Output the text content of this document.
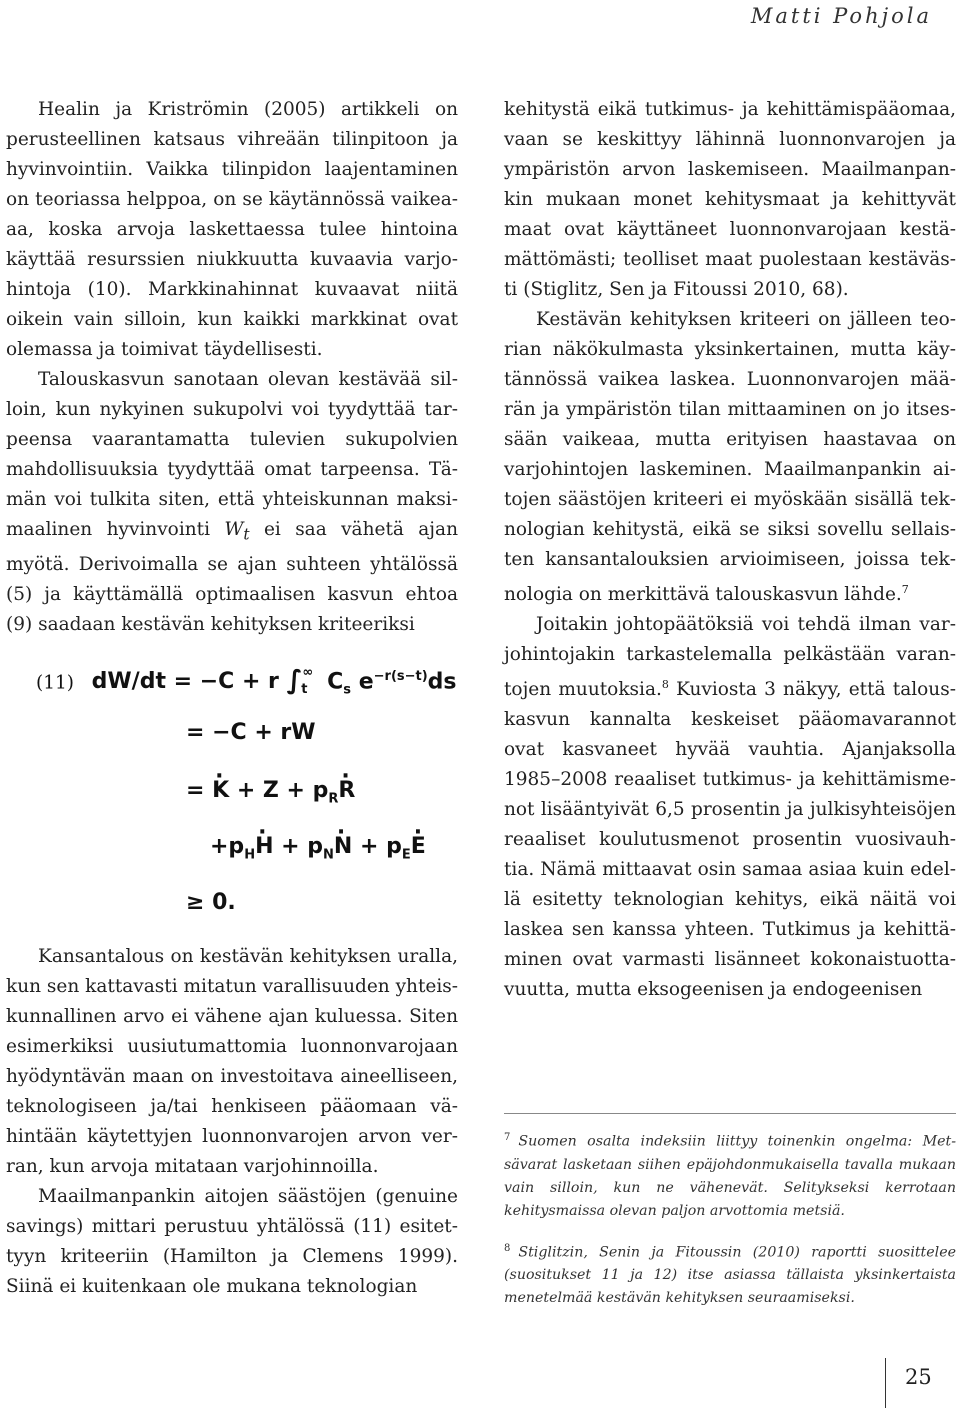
Matti Pohjola

Healin ja Kriströmin (2005) artikkeli on perusteellinen katsaus vihreään tilinpitoon ja hyvinvointiin. Vaikka tilinpidon laajentaminen on teoriassa helppoa, on se käytännössä vaikeaaa, koska arvoja laskettaessa tulee hintoina käyttää resurssien niukkuutta kuvaavia varjohintoja (10). Markkinahinnat kuvaavat niitä oikein vain silloin, kun kaikki markkinat ovat olemassa ja toimivat täydellisesti.

Talouskasvun sanotaan olevan kestävää silloin, kun nykyinen sukupolvi voi tyydyttää tarpeensa vaarantamatta tulevien sukupolvien mahdollisuuksia tyydyttää omat tarpeensa. Tämän voi tulkita siten, että yhteiskunnan maksimaalinen hyvinvointi $W_t$ ei saa vähetä ajan myötä. Derivoimalla se ajan suhteen yhtälössä (5) ja käyttämällä optimaalisen kasvun ehtoa (9) saadaan kestävän kehityksen kriteeriksi

(11) dW/dt = −C + r $\int^\infty_t$ $C_s$ $e^{-r(s-t)}ds$
= −C + rW
= · $K + Z + p_R\cdot R$
$+p_H\cdot H + p_N\cdot N + p_E\cdot E$
≥ 0.

Kansantalous on kestävän kehityksen uralla, kun sen kattavasti mitatun varallisuuden yhteiskunnallinen arvo ei vähene ajan kuluessa. Siten esimerkiksi uusiutumattomia luonnonvarojaan hyödyntävän maan on investoitava aineelliseen, teknologiseen ja/tai henkiseen pääomaan vähintään käytettyjen luonnonvarojen arvon verran, kun arvoja mitataan varjohinnoilla.

Maailmanpankin aitojen säästöjen (genuine savings) mittari perustuu yhtälössä (11) esitettyyn kriteeriin (Hamilton ja Clemens 1999). Siinä ei kuitenkaan ole mukana teknologian

kehitystä eikä tutkimus- ja kehittämispääomaa, vaan se keskittyy lähinnä luonnonvarojen ja ympäristön arvon laskemiseen. Maailmanpankin mukaan monet kehitysmaat ja kehittyvät maat ovat käyttäneet luonnonvarojaan kestämättömästi; teolliset maat puolestaan kestävästi (Stiglitz, Sen ja Fitoussi 2010, 68).

Kestävän kehityksen kriteeri on jälleen teorian näkökulmasta yksinkertainen, mutta käytännössä vaikea laskea. Luonnonvarojen määrän ja ympäristön tilan mittaaminen on jo itsessään vaikeaa, mutta erityisen haastavaa on varjohintojen laskeminen. Maailmanpankin aitojen säästöjen kriteeri ei myöskään sisällä teknologian kehitystä, eikä se siksi sovellu sellaisten kansantalouksien arvioimiseen, joissa teknologia on merkittävä talouskasvun lähde.$^7$

Joitakin johtopäätöksiä voi tehdä ilman varjohintojakin tarkastelemalla pelkästään varantojen muutoksia.$^8$ Kuviosta 3 näkyy, että talouskasvun kannalta keskeiset pääomavarannot ovat kasvaneet hyvää vauhtia. Ajanjaksolla 1985–2008 reaaliset tutkimus- ja kehittämismenot lisääntyivät 6,5 prosentin ja julkisyhteisöjen reaaliset koulutusmenot prosentin vuosivauhtia. Nämä mittaavat osin samaa asiaa kuin edellä esitetty teknologian kehitys, eikä näitä voi laskea sen kanssa yhteen. Tutkimus ja kehittäminen ovat varmasti lisänneet kokonaistuottavuutta, mutta eksogeenisen ja endogeenisen

$^7$ Suomen osalta indeksiin liittyy toinenkin ongelma: Metsävarat lasketaan siihen epäjohdonmukaisella tavalla mukaan vain silloin, kun ne vähenevät. Selitykseksi kerrotaan kehitysmaissa olevan paljon arvottomia metsiä.

$^8$ Stiglitzin, Senin ja Fitoussin (2010) raportti suosittelee (suositukset 11 ja 12) itse asiassa tällaista yksinkertaista menetelmää kestävän kehityksen seuraamiseksi.

25
